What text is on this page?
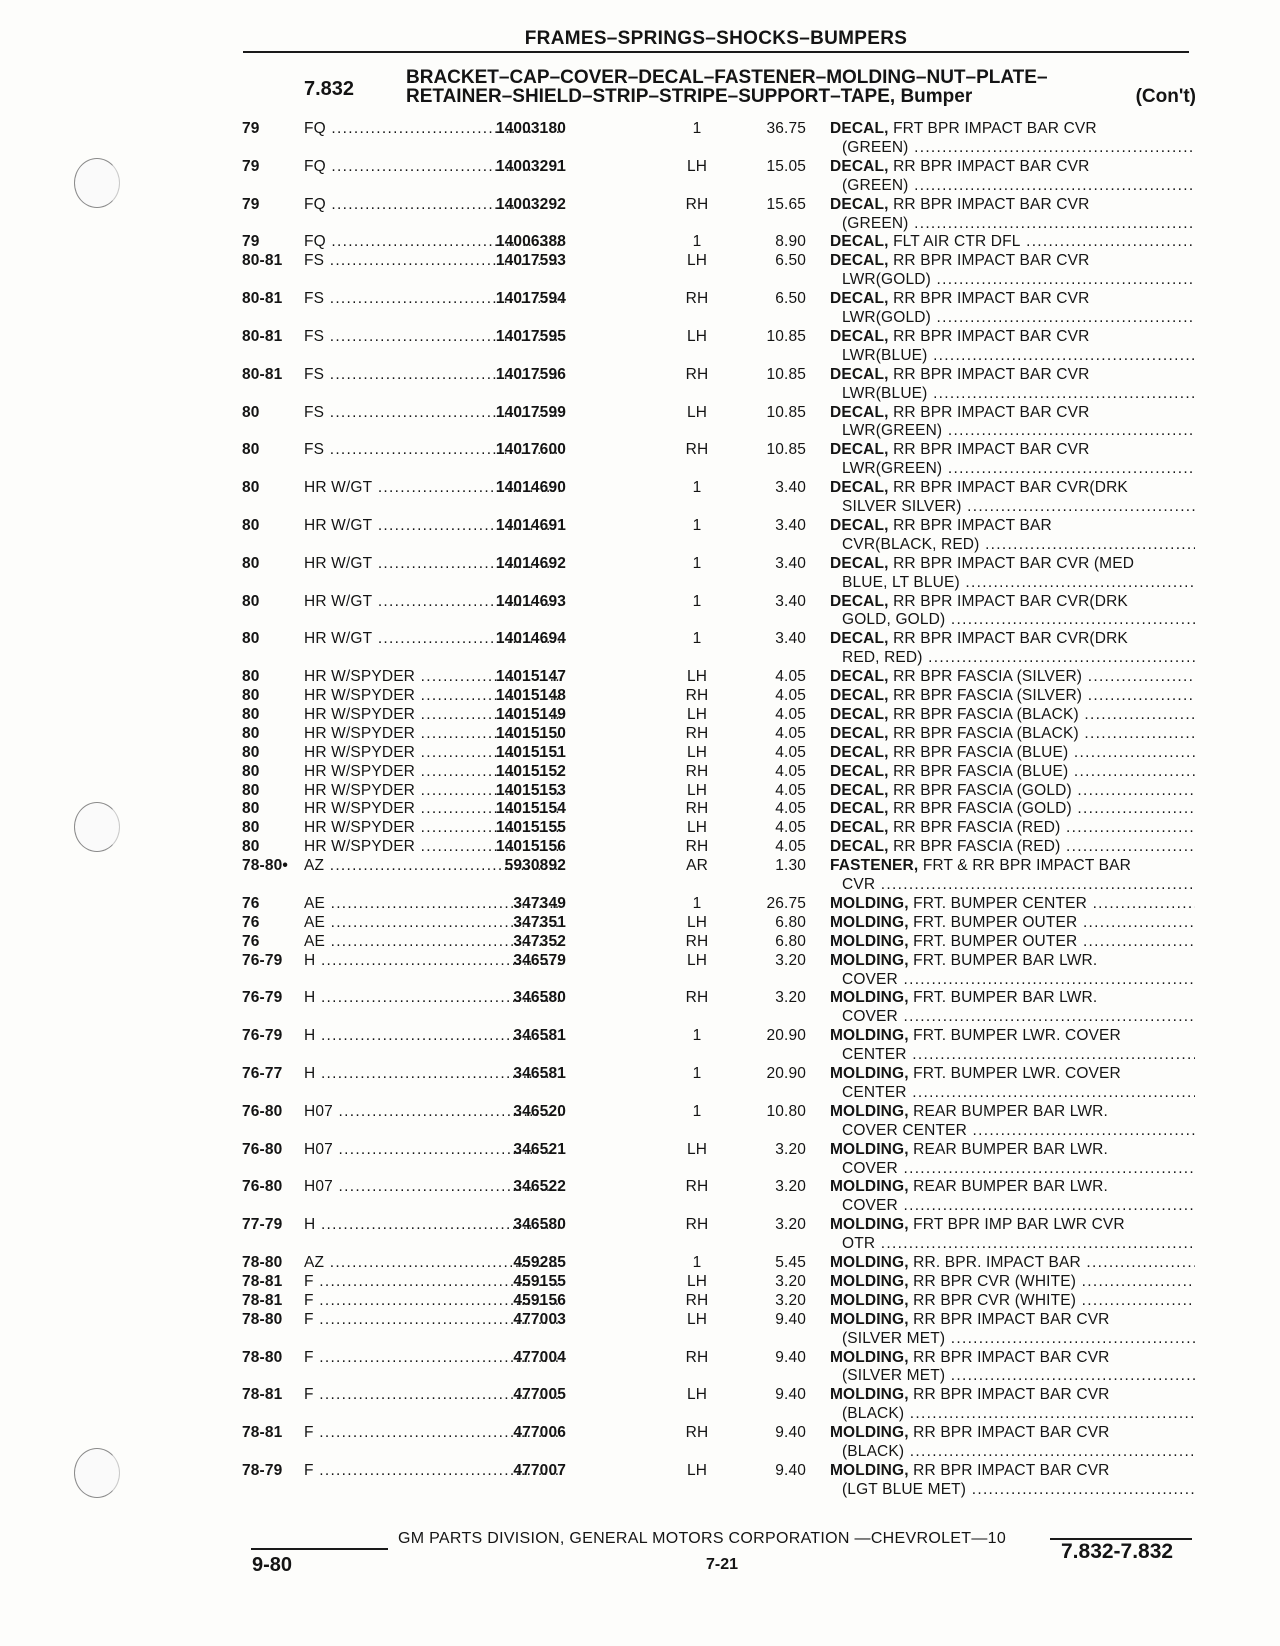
FRAMES–SPRINGS–SHOCKS–BUMPERS
7.832
BRACKET–CAP–COVER–DECAL–FASTENER–MOLDING–NUT–PLATE–
RETAINER–SHIELD–STRIP–STRIPE–SUPPORT–TAPE, Bumper	(Con't)
79	FQ .....	14003180	1	36.75 DECAL, FRT BPR IMPACT BAR CVR
(GREEN) .....
79	FQ .....	14003291	LH	15.05 DECAL, RR BPR IMPACT BAR CVR
(GREEN) .....
79	FQ .....	14003292	RH	15.65 DECAL, RR BPR IMPACT BAR CVR
(GREEN) .....
79	FQ .....	14006388	1	8.90 DECAL, FLT AIR CTR DFL .....
80-81	FS .....	14017593	LH	6.50 DECAL, RR BPR IMPACT BAR CVR
LWR(GOLD) .....
80-81	FS .....	14017594	RH	6.50 DECAL, RR BPR IMPACT BAR CVR
LWR(GOLD) .....
80-81	FS .....	14017595	LH	10.85 DECAL, RR BPR IMPACT BAR CVR
LWR(BLUE) .....
80-81	FS .....	14017596	RH	10.85 DECAL, RR BPR IMPACT BAR CVR
LWR(BLUE) .....
80	FS .....	14017599	LH	10.85 DECAL, RR BPR IMPACT BAR CVR
LWR(GREEN) .....
80	FS .....	14017600	RH	10.85 DECAL, RR BPR IMPACT BAR CVR
LWR(GREEN) .....
80	HR W/GT .....	14014690	1	3.40 DECAL, RR BPR IMPACT BAR CVR(DRK
SILVER SILVER) .....
80	HR W/GT .....	14014691	1	3.40 DECAL, RR BPR IMPACT BAR
CVR(BLACK, RED) .....
80	HR W/GT .....	14014692	1	3.40 DECAL, RR BPR IMPACT BAR CVR (MED
BLUE, LT BLUE) .....
80	HR W/GT .....	14014693	1	3.40 DECAL, RR BPR IMPACT BAR CVR(DRK
GOLD, GOLD) .....
80	HR W/GT .....	14014694	1	3.40 DECAL, RR BPR IMPACT BAR CVR(DRK
RED, RED) .....
80	HR W/SPYDER .....	14015147	LH	4.05 DECAL, RR BPR FASCIA (SILVER) .....
80	HR W/SPYDER .....	14015148	RH	4.05 DECAL, RR BPR FASCIA (SILVER) .....
80	HR W/SPYDER .....	14015149	LH	4.05 DECAL, RR BPR FASCIA (BLACK) .....
80	HR W/SPYDER .....	14015150	RH	4.05 DECAL, RR BPR FASCIA (BLACK) .....
80	HR W/SPYDER .....	14015151	LH	4.05 DECAL, RR BPR FASCIA (BLUE) .....
80	HR W/SPYDER .....	14015152	RH	4.05 DECAL, RR BPR FASCIA (BLUE) .....
80	HR W/SPYDER .....	14015153	LH	4.05 DECAL, RR BPR FASCIA (GOLD) .....
80	HR W/SPYDER .....	14015154	RH	4.05 DECAL, RR BPR FASCIA (GOLD) .....
80	HR W/SPYDER .....	14015155	LH	4.05 DECAL, RR BPR FASCIA (RED) .....
80	HR W/SPYDER .....	14015156	RH	4.05 DECAL, RR BPR FASCIA (RED) .....
78-80•	AZ .....	5930892	AR	1.30 FASTENER, FRT & RR BPR IMPACT BAR
CVR .....
76	AE .....	347349	1	26.75 MOLDING, FRT. BUMPER CENTER .....
76	AE .....	347351	LH	6.80 MOLDING, FRT. BUMPER OUTER .....
76	AE .....	347352	RH	6.80 MOLDING, FRT. BUMPER OUTER .....
76-79	H .....	346579	LH	3.20 MOLDING, FRT. BUMPER BAR LWR.
COVER .....
76-79	H .....	346580	RH	3.20 MOLDING, FRT. BUMPER BAR LWR.
COVER .....
76-79	H .....	346581	1	20.90 MOLDING, FRT. BUMPER LWR. COVER
CENTER .....
76-77	H .....	346581	1	20.90 MOLDING, FRT. BUMPER LWR. COVER
CENTER .....
76-80	H07 .....	346520	1	10.80 MOLDING, REAR BUMPER BAR LWR.
COVER CENTER .....
76-80	H07 .....	346521	LH	3.20 MOLDING, REAR BUMPER BAR LWR.
COVER .....
76-80	H07 .....	346522	RH	3.20 MOLDING, REAR BUMPER BAR LWR.
COVER .....
77-79	H .....	346580	RH	3.20 MOLDING, FRT BPR IMP BAR LWR CVR
OTR .....
78-80	AZ .....	459285	1	5.45 MOLDING, RR. BPR. IMPACT BAR .....
78-81	F .....	459155	LH	3.20 MOLDING, RR BPR CVR (WHITE) .....
78-81	F .....	459156	RH	3.20 MOLDING, RR BPR CVR (WHITE) .....
78-80	F .....	477003	LH	9.40 MOLDING, RR BPR IMPACT BAR CVR
(SILVER MET) .....
78-80	F .....	477004	RH	9.40 MOLDING, RR BPR IMPACT BAR CVR
(SILVER MET) .....
78-81	F .....	477005	LH	9.40 MOLDING, RR BPR IMPACT BAR CVR
(BLACK) .....
78-81	F .....	477006	RH	9.40 MOLDING, RR BPR IMPACT BAR CVR
(BLACK) .....
78-79	F .....	477007	LH	9.40 MOLDING, RR BPR IMPACT BAR CVR
(LGT BLUE MET) .....
GM PARTS DIVISION, GENERAL MOTORS CORPORATION —CHEVROLET—10
9-80	7-21
7.832-7.832
